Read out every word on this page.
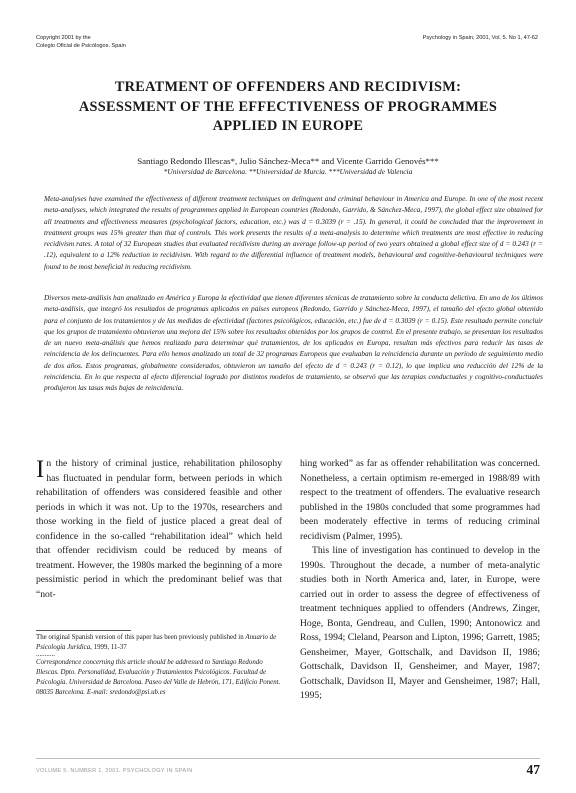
Copyright 2001 by the
Colegio Oficial de Psicólogos. Spain
Psychology in Spain, 2001, Vol. 5. No 1, 47-62
TREATMENT OF OFFENDERS AND RECIDIVISM:
ASSESSMENT OF THE EFFECTIVENESS OF PROGRAMMES
APPLIED IN EUROPE
Santiago Redondo Illescas*, Julio Sánchez-Meca** and Vicente Garrido Genovés***
*Universidad de Barcelona. **Universidad de Murcia. ***Universidad de Valencia
Meta-analyses have examined the effectiveness of different treatment techniques on delinquent and criminal behaviour in America and Europe. In one of the most recent meta-analyses, which integrated the results of programmes applied in European countries (Redondo, Garrido, & Sánchez-Meca, 1997), the global effect size obtained for all treatments and effectiveness measures (psychological factors, education, etc.) was d = 0.3039 (r = .15). In general, it could be concluded that the improvement in treatment groups was 15% greater than that of controls. This work presents the results of a meta-analysis to determine which treatments are most effective in reducing recidivism rates. A total of 32 European studies that evaluated recidivism during an average follow-up period of two years obtained a global effect size of d = 0.243 (r = .12), equivalent to a 12% reduction in recidivism. With regard to the differential influence of treatment models, behavioural and cognitive-behavioural techniques were found to be most beneficial in reducing recidivism.
Diversos meta-análisis han analizado en América y Europa la efectividad que tienen diferentes técnicas de tratamiento sobre la conducta delictiva. En uno de los últimos meta-análisis, que integró los resultados de programas aplicados en países europeos (Redondo, Garrido y Sánchez-Meca, 1997), el tamaño del efecto global obtenido para el conjunto de los tratamientos y de las medidas de efectividad (factores psicológicos, educación, etc.) fue de d = 0.3039 (r = 0.15). Este resultado permite concluir que los grupos de tratamiento obtuvieron una mejora del 15% sobre los resultados obtenidos por los grupos de control. En el presente trabajo, se presentan los resultados de un nuevo meta-análisis que hemos realizado para determinar qué tratamientos, de los aplicados en Europa, resultan más efectivos para reducir las tasas de reincidencia de los delincuentes. Para ello hemos analizado un total de 32 programas Europeos que evaluaban la reincidencia durante un período de seguimiento medio de dos años. Estos programas, globalmente considerados, obtuvieron un tamaño del efecto de d = 0.243 (r = 0.12), lo que implica una reducción del 12% de la reincidencia. En lo que respecta al efecto diferencial logrado por distintos modelos de tratamiento, se observó que las terapias conductuales y cognitivo-conductuales produjeron las tasas más bajas de reincidencia.

In the history of criminal justice, rehabilitation philosophy has fluctuated in pendular form, between periods in which rehabilitation of offenders was considered feasible and other periods in which it was not. Up to the 1970s, researchers and those working in the field of justice placed a great deal of confidence in the so-called “rehabilitation ideal” which held that offender recidivism could be reduced by means of treatment. However, the 1980s marked the beginning of a more pessimistic period in which the predominant belief was that “not-

hing worked” as far as offender rehabilitation was concerned. Nonetheless, a certain optimism re-emerged in 1988/89 with respect to the treatment of offenders. The evaluative research published in the 1980s concluded that some programmes had been moderately effective in terms of reducing criminal recidivism (Palmer, 1995).

This line of investigation has continued to develop in the 1990s. Throughout the decade, a number of meta-analytic studies both in North America and, later, in Europe, were carried out in order to assess the degree of effectiveness of treatment techniques applied to offenders (Andrews, Zinger, Hoge, Bonta, Gendreau, and Cullen, 1990; Antonowicz and Ross, 1994; Cleland, Pearson and Lipton, 1996; Garrett, 1985; Gensheimer, Mayer, Gottschalk, and Davidson II, 1986; Gottschalk, Davidson II, Gensheimer, and Mayer, 1987; Gottschalk, Davidson II, Mayer and Gensheimer, 1987; Hall, 1995;

The original Spanish version of this paper has been previously published in Anuario de Psicología Jurídica, 1999, 11-37

...........

Correspondence concerning this article should be addressed to Santiago Redondo Illescas. Dpto. Personalidad, Evaluación y Tratamientos Psicológicos. Facultad de Psicología. Universidad de Barcelona. Paseo del Valle de Hebrón, 171, Edificio Ponent. 08035 Barcelona. E-mail: sredondo@psi.ub.es

VOLUME 5. NUMBER 1. 2001. PSYCHOLOGY IN SPAIN	47
